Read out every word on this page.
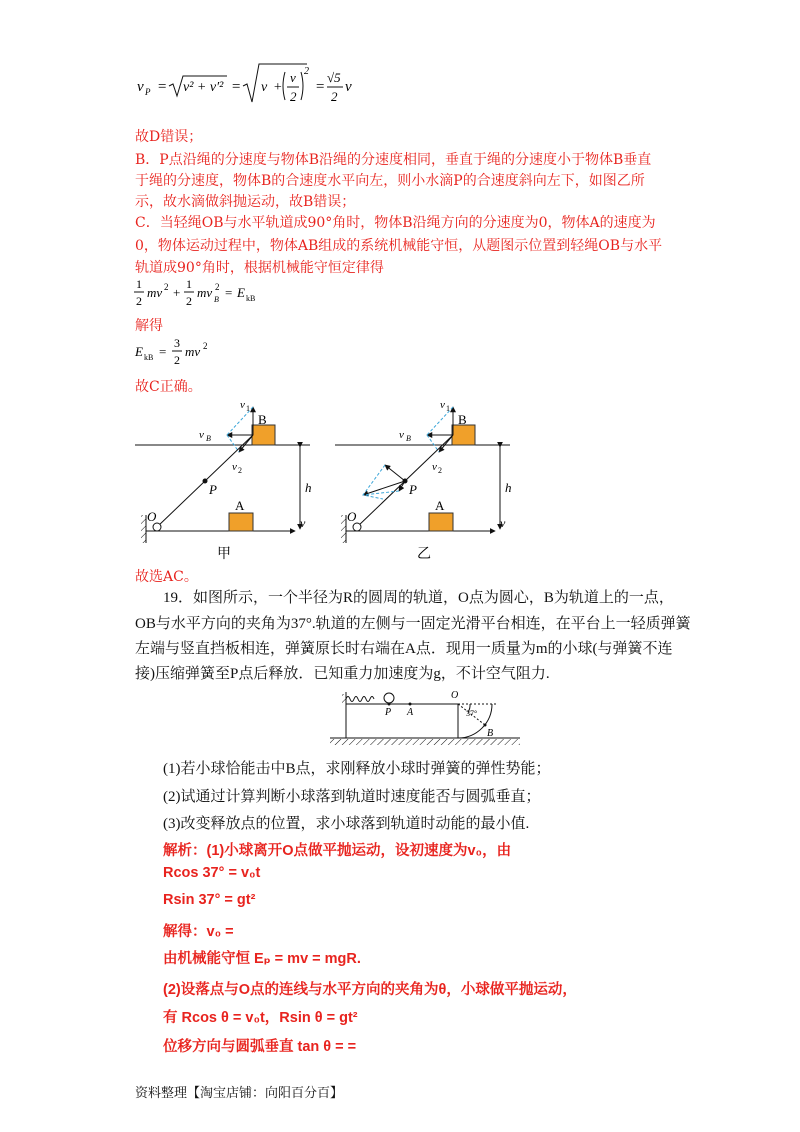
v P = v² + v′² = v +
v
2
2
=
√5
2
v
故D错误；
B．P点沿绳的分速度与物体B沿绳的分速度相同，垂直于绳的分速度小于物体B垂直
于绳的分速度，物体B的合速度水平向左，则小水滴P的合速度斜向左下，如图乙所
示，故水滴做斜抛运动，故B错误；
C．当轻绳OB与水平轨道成90°角时，物体B沿绳方向的分速度为0，物体A的速度为
0，物体运动过程中，物体AB组成的系统机械能守恒，从题图示位置到轻绳OB与水平
轨道成90°角时，根据机械能守恒定律得
1
2
mv 2 +
1
2
mv 2
B = E kB
解得
E kB =
3
2
mv 2
故C正确。
B
v B
v 1
v 2
P
O	v
A
h
甲
B
v B
v 1
v 2
P
O	v
A
h
乙
故选AC。
19．如图所示，一个半径为R的圆周的轨道，O点为圆心，B为轨道上的一点，
OB与水平方向的夹角为37°.轨道的左侧与一固定光滑平台相连，在平台上一轻质弹簧
左端与竖直挡板相连，弹簧原长时右端在A点．现用一质量为m的小球(与弹簧不连
接)压缩弹簧至P点后释放．已知重力加速度为g，不计空气阻力.
P A
O
37°
B
(1)若小球恰能击中B点，求刚释放小球时弹簧的弹性势能；
(2)试通过计算判断小球落到轨道时速度能否与圆弧垂直；
(3)改变释放点的位置，求小球落到轨道时动能的最小值.
解析：(1)小球离开O点做平抛运动，设初速度为v₀，由
Rcos 37° = v₀t
Rsin 37° = gt²
解得：v₀ =
由机械能守恒 Eₚ = mv = mgR.
(2)设落点与O点的连线与水平方向的夹角为θ，小球做平抛运动，
有 Rcos θ = v₀t，Rsin θ = gt²
位移方向与圆弧垂直 tan θ = =
资料整理【淘宝店铺：向阳百分百】
